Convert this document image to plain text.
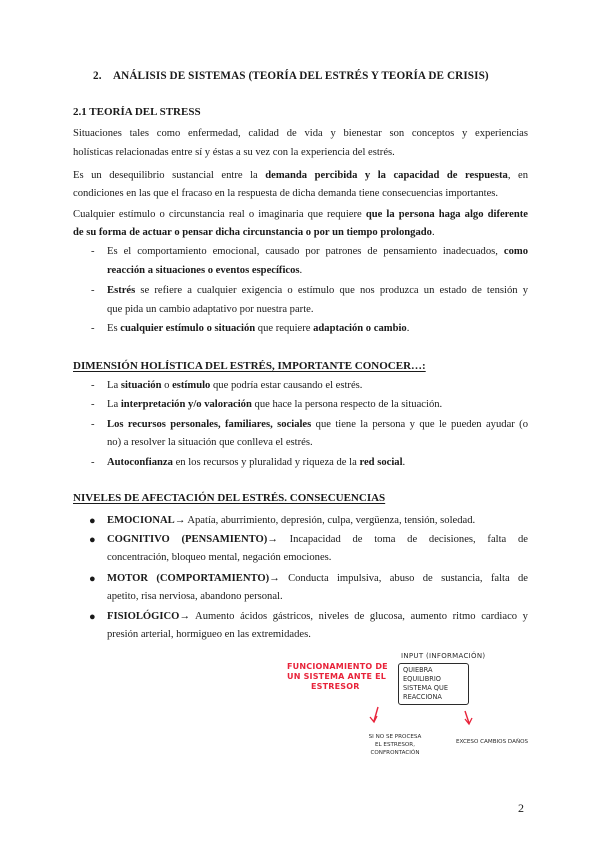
2. ANÁLISIS DE SISTEMAS (TEORÍA DEL ESTRÉS Y TEORÍA DE CRISIS)
2.1 TEORÍA DEL STRESS
Situaciones tales como enfermedad, calidad de vida y bienestar son conceptos y experiencias
holísticas relacionadas entre sí y éstas a su vez con la experiencia del estrés.
Es un desequilibrio sustancial entre la demanda percibida y la capacidad de respuesta, en
condiciones en las que el fracaso en la respuesta de dicha demanda tiene consecuencias importantes.
Cualquier estímulo o circunstancia real o imaginaria que requiere que la persona haga algo diferente
de su forma de actuar o pensar dicha circunstancia o por un tiempo prolongado.
- Es el comportamiento emocional, causado por patrones de pensamiento inadecuados, como
reacción a situaciones o eventos específicos.
- Estrés se refiere a cualquier exigencia o estímulo que nos produzca un estado de tensión y
que pida un cambio adaptativo por nuestra parte.
- Es cualquier estímulo o situación que requiere adaptación o cambio.
DIMENSIÓN HOLÍSTICA DEL ESTRÉS, IMPORTANTE CONOCER…:
- La situación o estímulo que podría estar causando el estrés.
- La interpretación y/o valoración que hace la persona respecto de la situación.
- Los recursos personales, familiares, sociales que tiene la persona y que le pueden ayudar (o
no) a resolver la situación que conlleva el estrés.
- Autoconfianza en los recursos y pluralidad y riqueza de la red social.
NIVELES DE AFECTACIÓN DEL ESTRÉS. CONSECUENCIAS
● EMOCIONAL→ Apatía, aburrimiento, depresión, culpa, vergüenza, tensión, soledad.
● COGNITIVO (PENSAMIENTO)→ Incapacidad de toma de decisiones, falta de
concentración, bloqueo mental, negación emociones.
● MOTOR (COMPORTAMIENTO)→ Conducta impulsiva, abuso de sustancia, falta de
apetito, risa nerviosa, abandono personal.
● FISIOLÓGICO→ Aumento ácidos gástricos, niveles de glucosa, aumento ritmo cardiaco y
presión arterial, hormigueo en las extremidades.
FUNCIONAMIENTO DE
UN SISTEMA ANTE EL
ESTRESOR
INPUT (INFORMACIÓN)
QUIEBRA
EQUILIBRIO
SISTEMA QUE
REACCIONA
SI NO SE PROCESA
EL ESTRESOR,
CONFRONTACIÓN
EXCESO CAMBIOS DAÑOS
2
